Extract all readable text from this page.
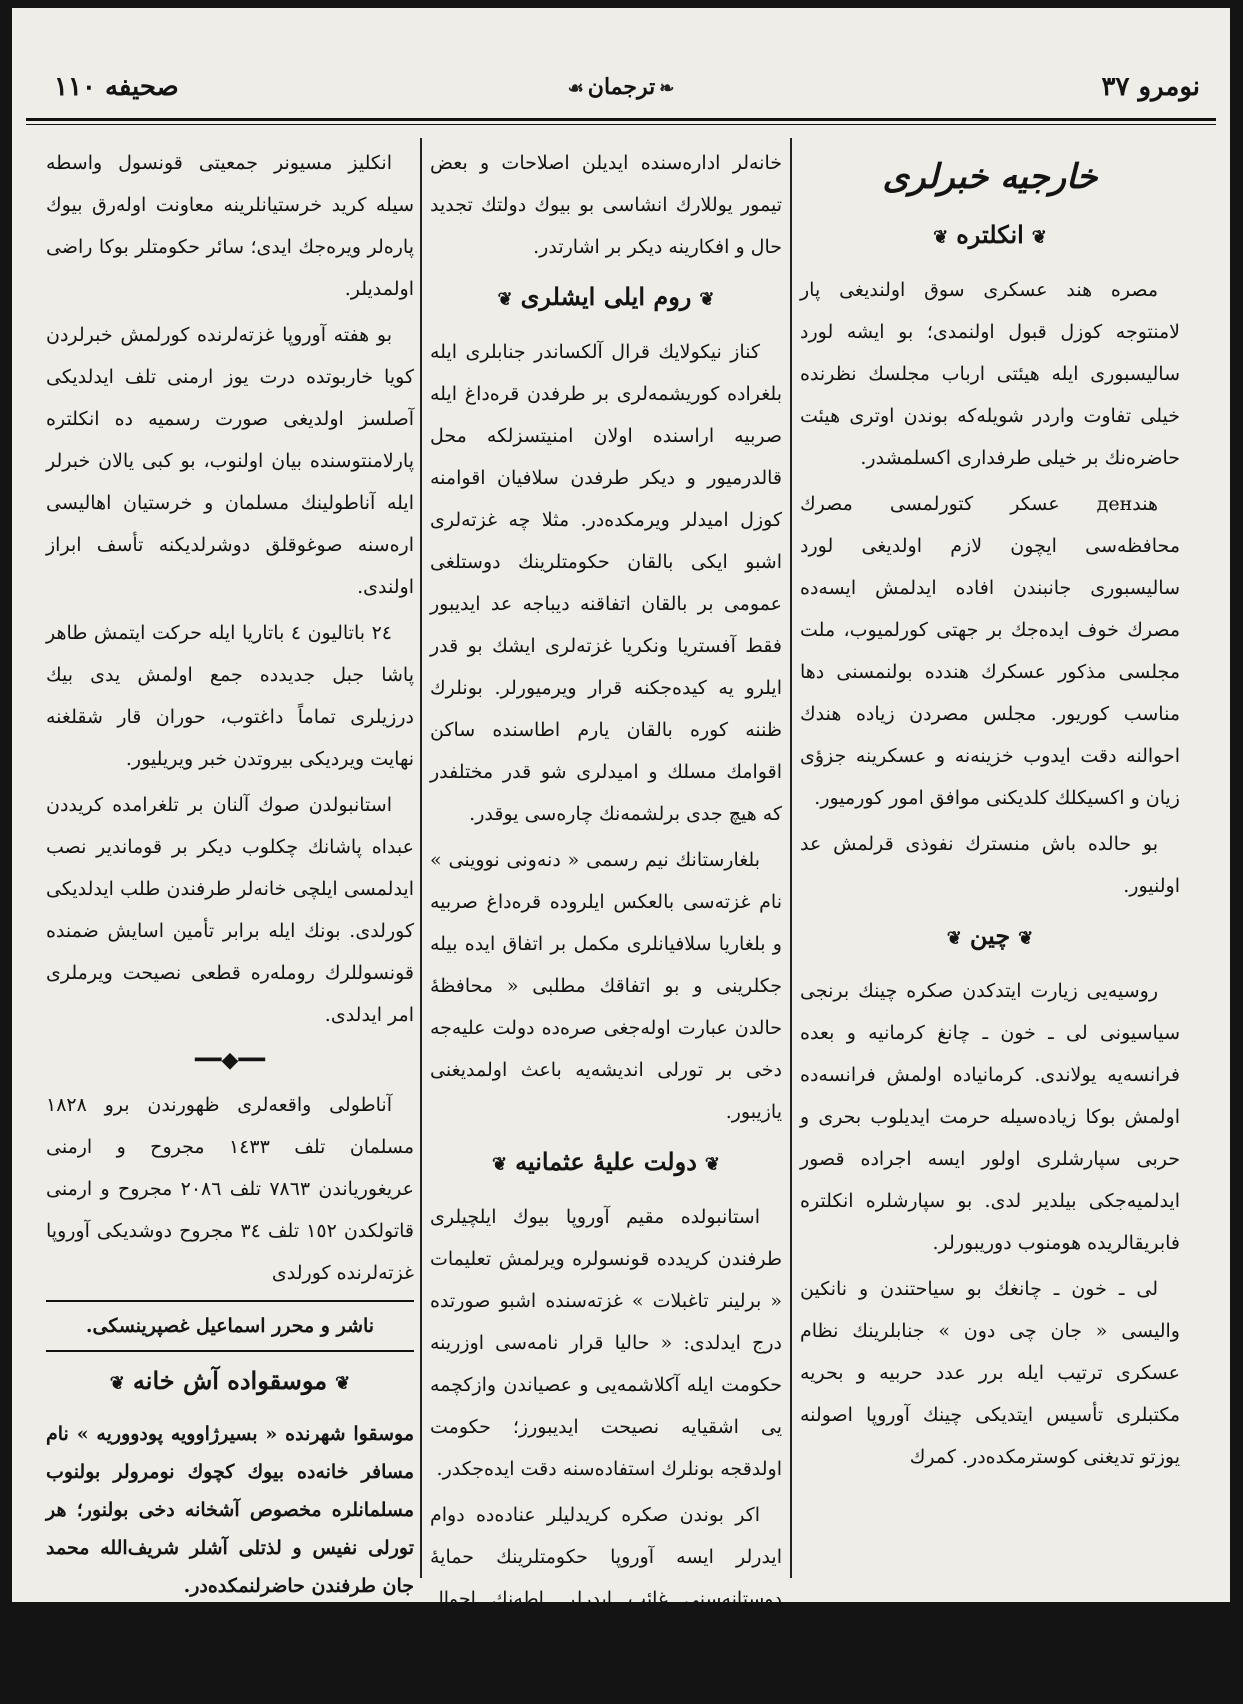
نومرو ٣٧
❧ترجمان☙
صحیفه ١١٠
خارجیه خبرلری
❦انکلتره❦

مصره هند عسکری سوق اولندیغی پار لامنتوجه کوزل قبول اولنمدی؛ بو ایشه لورد سالیسبوری ایله هیئتی ارباب مجلسك نظرنده خیلی تفاوت واردر شویله‌که بوندن اوتری هیئت حاضره‌نك بر خیلی طرفداری اکسلمشدر.

هندден عسکر کتورلمسی مصرك محافظه‌سی ایچون لازم اولدیغی لورد سالیسبوری جانبندن افاده ایدلمش ایسه‌ده مصرك خوف ایده‌جك بر جهتی کورلمیوب، ملت مجلسی مذکور عسکرك هندده بولنمسنی دها مناسب کوریور. مجلس مصردن زیاده هندك احوالنه دقت ایدوب خزینه‌نه و عسکرینه جزؤی زیان و اکسیکلك کلدیکنی موافق امور کورمیور.

بو حالده باش منسترك نفوذی قرلمش عد اولنیور.

❦چین❦

روسیه‌یی زیارت ایتدکدن صکره چینك برنجی سیاسیونی لی ـ خون ـ چانغ کرمانیه و بعده فرانسه‌یه یولاندی. کرمانیاده اولمش فرانسه‌ده اولمش بوکا زیاده‌سیله حرمت ایدیلوب بحری و حربی سپارشلری اولور ایسه اجراده قصور ایدلمیه‌جکی بیلدیر لدی. بو سپارشلره انکلتره فابریقالریده هومنوب دوریبورلر.

لی ـ خون ـ چانغك بو سیاحتندن و نانکین والیسی « جان چی دون » جنابلرینك نظام عسکری ترتیب ایله برر عدد حربیه و بحریه مکتبلری تأسیس ایتدیکی چینك آوروپا اصولنه یوزتو تدیغنی کوسترمکده‌در. کمرك

خانه‌لر اداره‌سنده ایدیلن اصلاحات و بعض تیمور یوللارك انشاسی بو بیوك دولتك تجدید حال و افکارینه دیکر بر اشارتدر.

❦روم ایلی ایشلری❦

کناز نیکولایك قرال آلکساندر جنابلری ایله بلغراده کوریشمه‌لری بر طرفدن قره‌داغ ایله صربیه اراسنده اولان امنیتسزلکه محل قالدرمیور و دیکر طرفدن سلافیان اقوامنه کوزل امیدلر ویرمکده‌در. مثلا چه غزته‌لری اشبو ایکی بالقان حکومتلرینك دوستلغی عمومی بر بالقان اتفاقنه دیباجه عد ایدیبور فقط آفستریا ونکریا غزته‌لری ایشك بو قدر ایلرو یه کیده‌جکنه قرار ویرمیورلر. بونلرك ظننه کوره بالقان یارم اطاسنده ساکن اقوامك مسلك و امیدلری شو قدر مختلفدر که هیچ جدی برلشمه‌نك چاره‌سی یوقدر.

بلغارستانك نیم رسمی « دنه‌ونی نووینی » نام غزته‌سی بالعکس ایلروده قره‌داغ صربیه و بلغاریا سلافیانلری مکمل بر اتفاق ایده بیله جکلرینی و بو اتفاقك مطلبی « محافظهٔ حالدن عبارت اوله‌جغی صره‌ده دولت علیه‌جه دخی بر تورلی اندیشه‌یه باعث اولمدیغنی یازیبور.

❦دولت علیهٔ عثمانیه❦

استانبولده مقیم آوروپا بیوك ایلچیلری طرفندن کریدده قونسولره ویرلمش تعلیمات « برلینر تاغبلات » غزته‌سنده اشبو صورتده درج ایدلدی: « حالیا قرار نامه‌سی اوزرینه حکومت ایله آکلاشمه‌یی و عصیاندن وازکچمه یی اشقیایه نصیحت ایدیبورز؛ حکومت اولدقجه بونلرك استفاده‌سنه دقت ایده‌جکدر.

اکر بوندن صکره کریدلیلر عناده‌ده دوام ایدرلر ایسه آوروپا حکومتلرینك حمایهٔ دوستانه‌سنی غائب ایدرلر. اطه‌نك احوال مالیه سی و کمرك وارداتندن زیاده‌جه استفاده ایتمسی تأمین ایدیله‌جکدر.

انکلیز مسیونر جمعیتی قونسول واسطه سیله کرید خرستیانلرینه معاونت اوله‌رق بیوك پاره‌لر ویره‌جك ایدی؛ سائر حکومتلر بوکا راضی اولمدیلر.

بو هفته آوروپا غزته‌لرنده کورلمش خبرلردن کویا خاربوتده درت یوز ارمنی تلف ایدلدیکی آصلسز اولدیغی صورت رسمیه ده انکلتره پارلامنتوسنده بیان اولنوب، بو کبی یالان خبرلر ایله آناطولینك مسلمان و خرستیان اهالیسی اره‌سنه صوغوقلق دوشرلدیکنه تأسف ابراز اولندی.

٢٤ باتالیون ٤ باتاریا ایله حرکت ایتمش طاهر پاشا جبل جدیدده جمع اولمش یدی بیك درزیلری تماماً داغتوب، حوران قار شقلغنه نهایت ویردیکی بیروتدن خبر ویریلیور.

استانبولدن صوك آلنان بر تلغرامده کریددن عبداه پاشانك چکلوب دیکر بر قوماندیر نصب ایدلمسی ایلچی خانه‌لر طرفندن طلب ایدلدیکی کورلدی. بونك ایله برابر تأمین اسایش ضمنده قونسوللرك رومله‌ره قطعی نصیحت ویرملری امر ایدلدی.

━━◆━━

آناطولی واقعه‌لری ظهورندن برو ١٨٢٨ مسلمان تلف ١٤٣٣ مجروح و ارمنی عریغوریاندن ٧٨٦٣ تلف ٢٠٨٦ مجروح و ارمنی قاتولکدن ١٥٢ تلف ٣٤ مجروح دوشدیکی آوروپا غزته‌لرنده کورلدی

ناشر و محرر اسماعیل غصپرینسکی.
❦موسقواده آش خانه❦
موسقوا شهرنده « بسیرژاوویه پودووریه » نام مسافر خانه‌ده بیوك کچوك نومرولر بولنوب مسلمانلره مخصوص آشخانه دخی بولنور؛ هر تورلی نفیس و لذتلی آشلر شریف‌الله محمد جان طرفندن حاضرلنمکده‌در.
(Москва)	8—5
